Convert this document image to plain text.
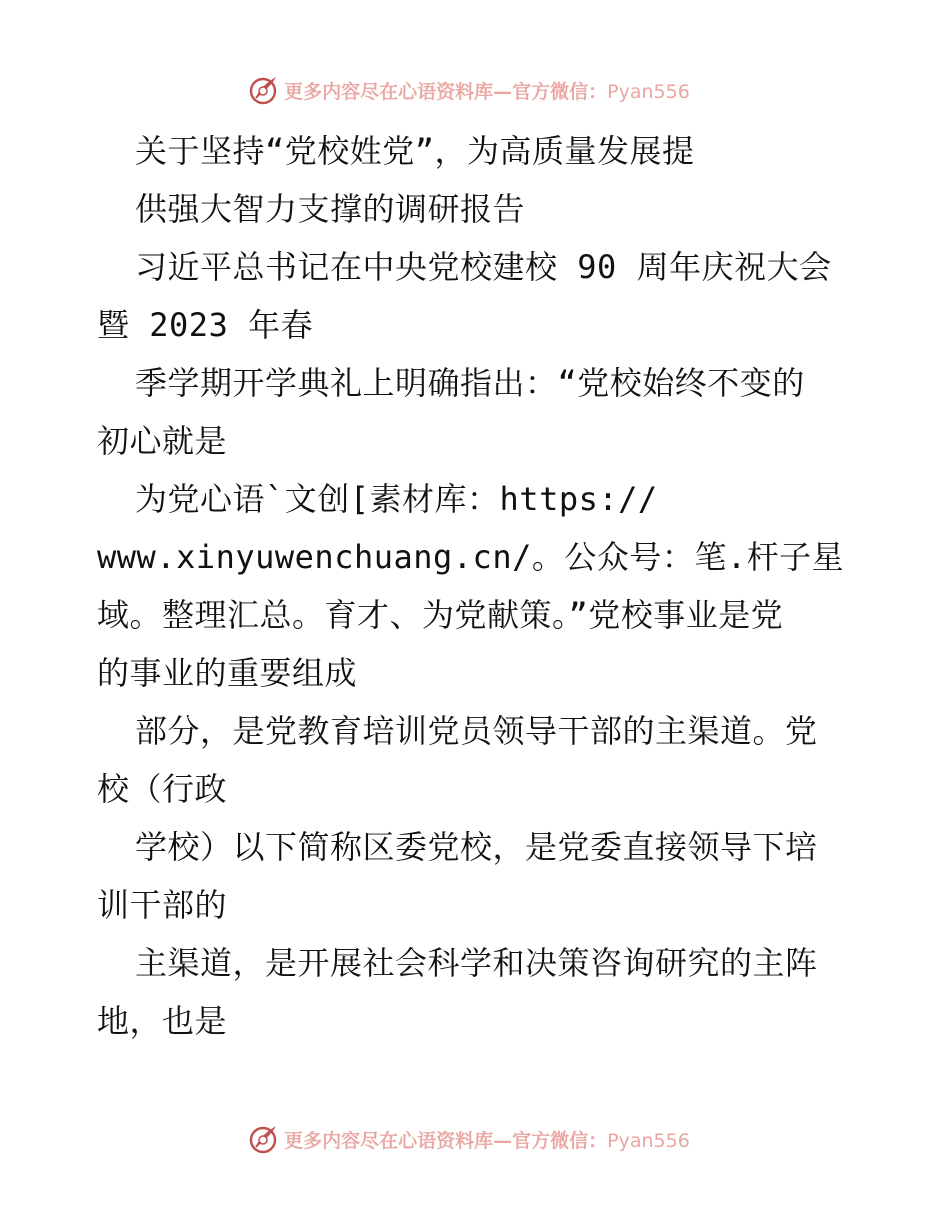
更多内容尽在心语资料库—官方微信：Pyan556
关于坚持“党校姓党”，为高质量发展提
供强大智力支撑的调研报告
习近平总书记在中央党校建校 90 周年庆祝大会
暨 2023 年春
季学期开学典礼上明确指出：“党校始终不变的
初心就是
为党心语`文创[素材库：https://
www.xinyuwenchuang.cn/。公众号：笔.杆子星
域。整理汇总。育才、为党献策。”党校事业是党
的事业的重要组成
部分，是党教育培训党员领导干部的主渠道。党
校（行政
学校）以下简称区委党校，是党委直接领导下培
训干部的
主渠道，是开展社会科学和决策咨询研究的主阵
地，也是
更多内容尽在心语资料库—官方微信：Pyan556
